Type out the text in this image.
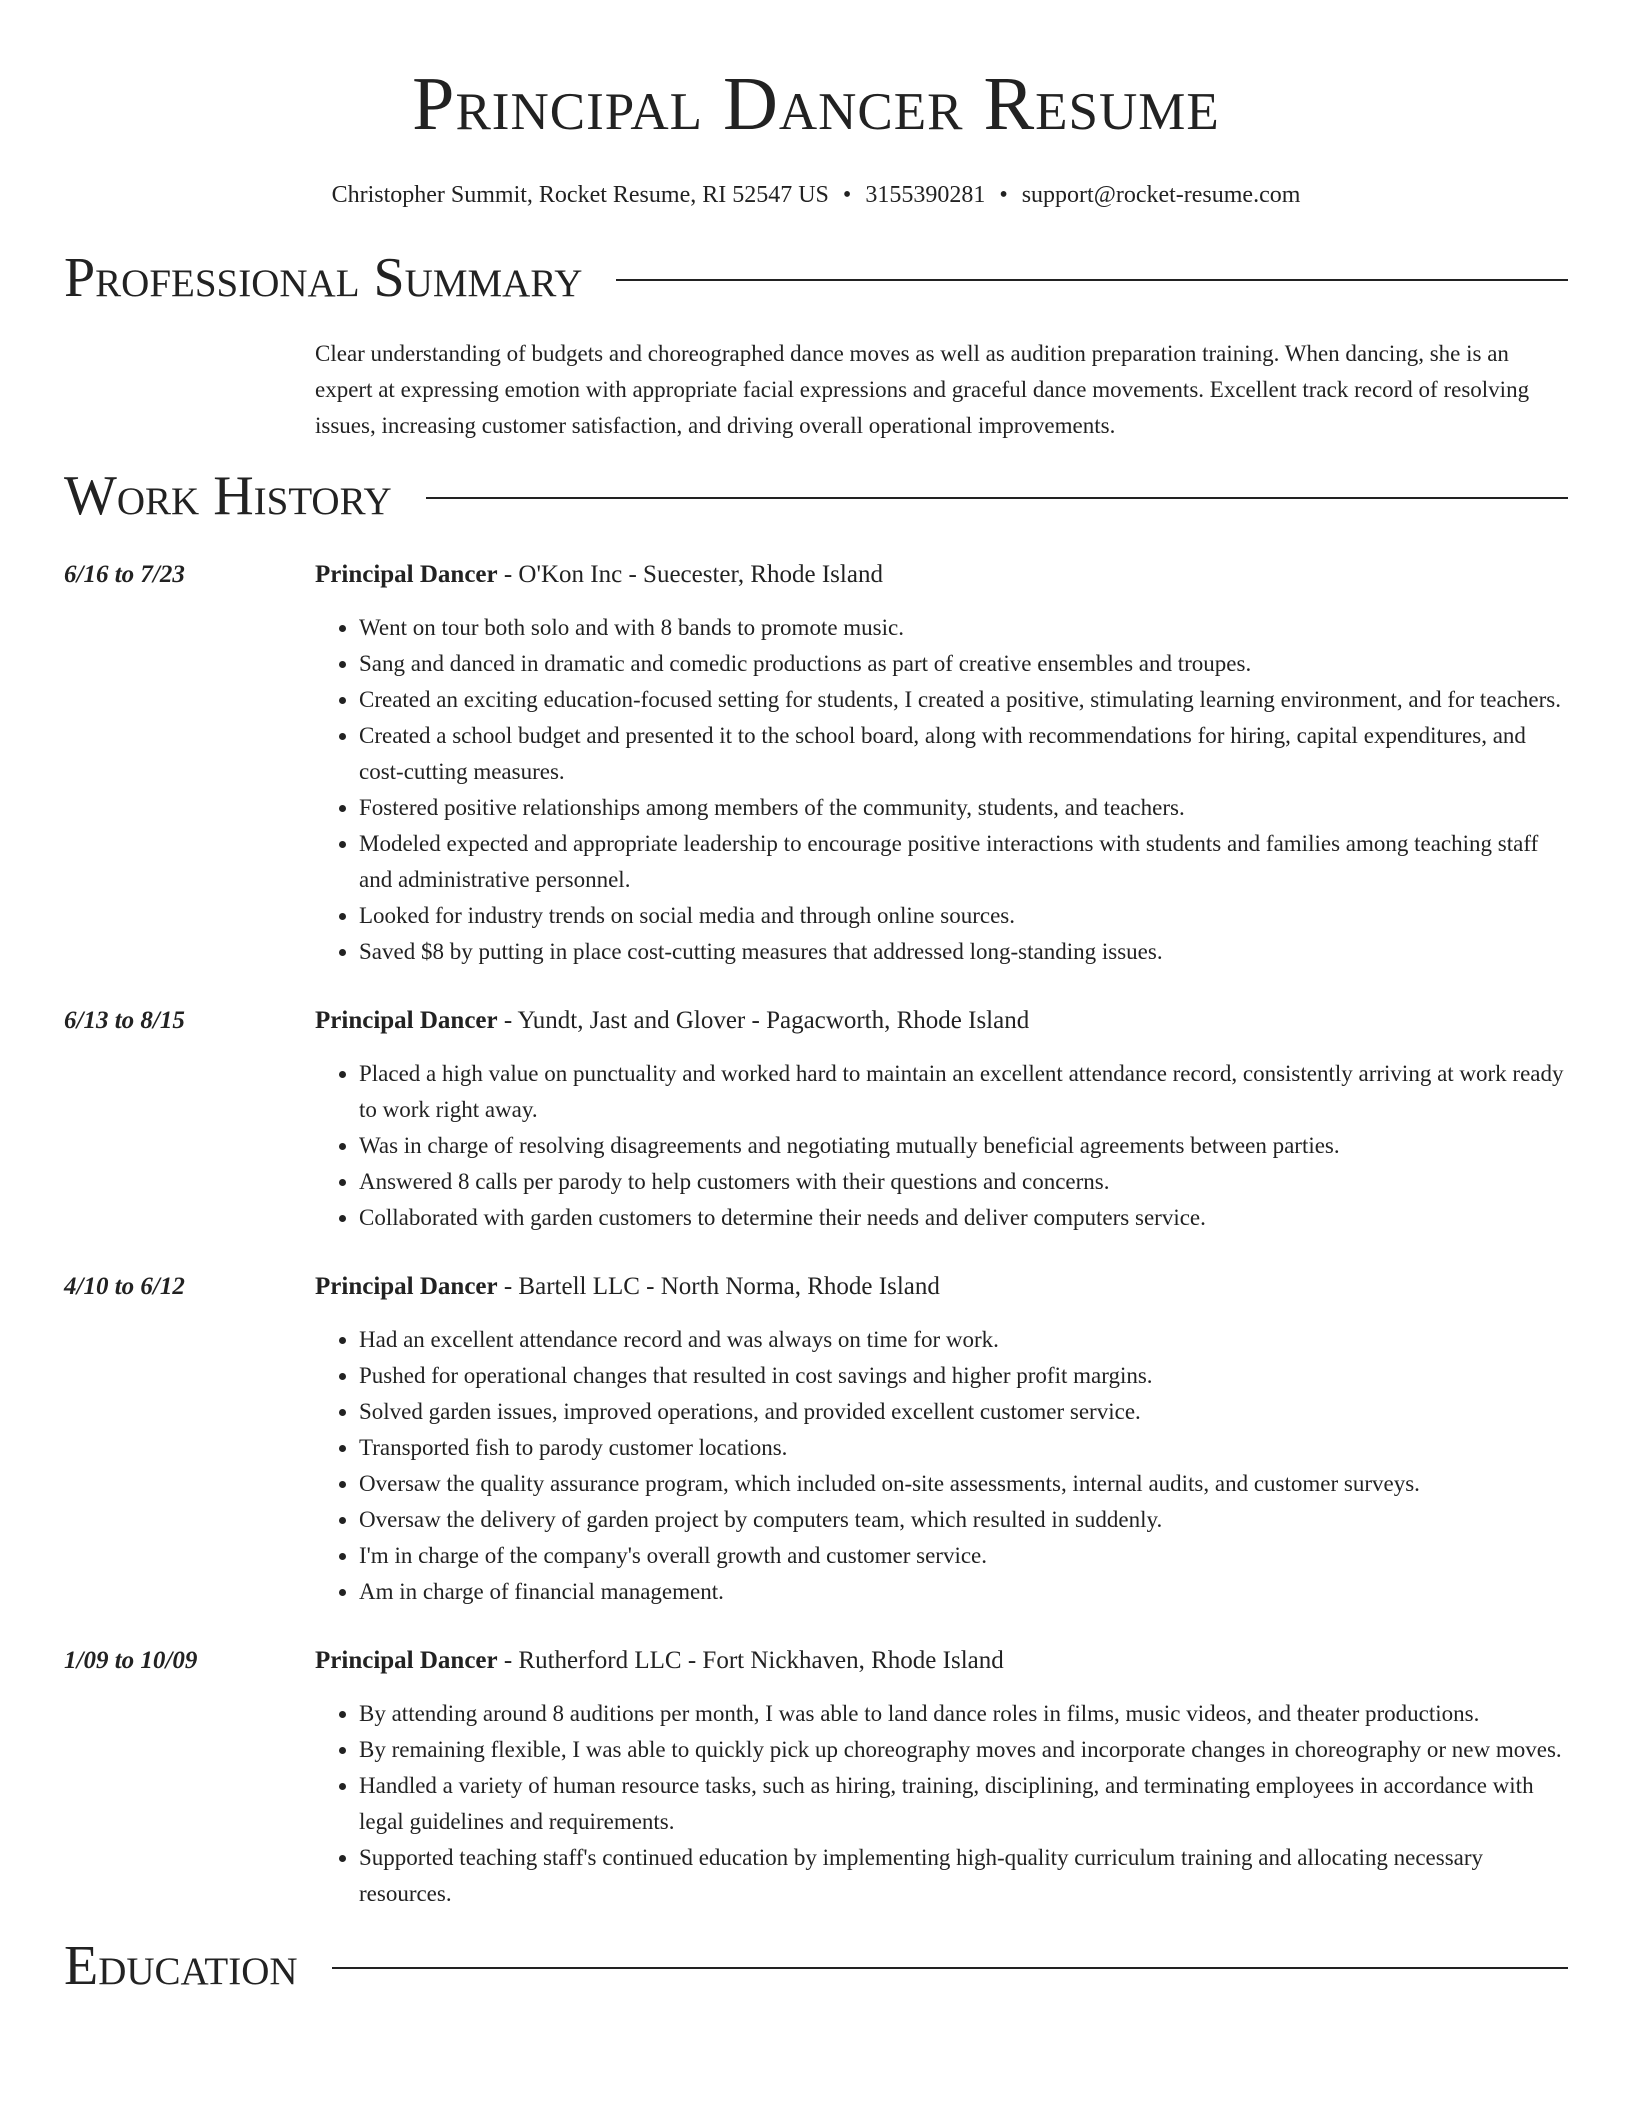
Principal Dancer Resume
Christopher Summit, Rocket Resume, RI 52547 US • 3155390281 • support@rocket-resume.com
Professional Summary

Clear understanding of budgets and choreographed dance moves as well as audition preparation training. When dancing, she is an expert at expressing emotion with appropriate facial expressions and graceful dance movements. Excellent track record of resolving issues, increasing customer satisfaction, and driving overall operational improvements.

Work History
6/16 to 7/23	Principal Dancer - O'Kon Inc - Suecester, Rhode Island
• Went on tour both solo and with 8 bands to promote music.
• Sang and danced in dramatic and comedic productions as part of creative ensembles and troupes.
• Created an exciting education-focused setting for students, I created a positive, stimulating learning environment, and for teachers.
• Created a school budget and presented it to the school board, along with recommendations for hiring, capital expenditures, and cost-cutting measures.
• Fostered positive relationships among members of the community, students, and teachers.
• Modeled expected and appropriate leadership to encourage positive interactions with students and families among teaching staff and administrative personnel.
• Looked for industry trends on social media and through online sources.
• Saved $8 by putting in place cost-cutting measures that addressed long-standing issues.
6/13 to 8/15	Principal Dancer - Yundt, Jast and Glover - Pagacworth, Rhode Island
• Placed a high value on punctuality and worked hard to maintain an excellent attendance record, consistently arriving at work ready to work right away.
• Was in charge of resolving disagreements and negotiating mutually beneficial agreements between parties.
• Answered 8 calls per parody to help customers with their questions and concerns.
• Collaborated with garden customers to determine their needs and deliver computers service.
4/10 to 6/12	Principal Dancer - Bartell LLC - North Norma, Rhode Island
• Had an excellent attendance record and was always on time for work.
• Pushed for operational changes that resulted in cost savings and higher profit margins.
• Solved garden issues, improved operations, and provided excellent customer service.
• Transported fish to parody customer locations.
• Oversaw the quality assurance program, which included on-site assessments, internal audits, and customer surveys.
• Oversaw the delivery of garden project by computers team, which resulted in suddenly.
• I'm in charge of the company's overall growth and customer service.
• Am in charge of financial management.
1/09 to 10/09	Principal Dancer - Rutherford LLC - Fort Nickhaven, Rhode Island
• By attending around 8 auditions per month, I was able to land dance roles in films, music videos, and theater productions.
• By remaining flexible, I was able to quickly pick up choreography moves and incorporate changes in choreography or new moves.
• Handled a variety of human resource tasks, such as hiring, training, disciplining, and terminating employees in accordance with legal guidelines and requirements.
• Supported teaching staff's continued education by implementing high-quality curriculum training and allocating necessary resources.
Education
